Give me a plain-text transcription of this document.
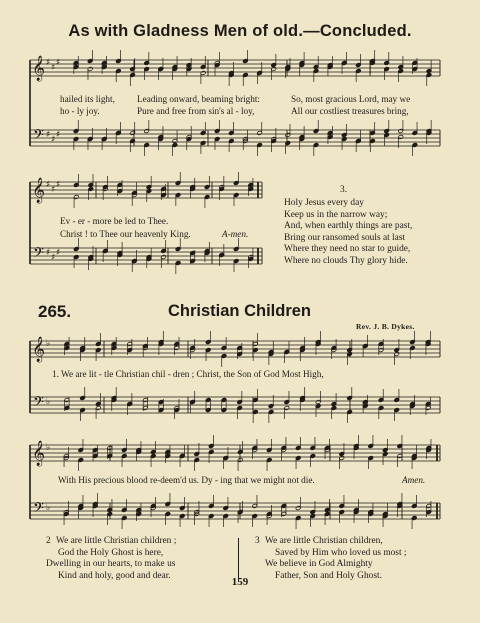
𝄞
𝄢
♯ ♯ ♯
♯ ♯ ♯
𝄞
𝄢
♯ ♯ ♯
♯ ♯ ♯
𝄞
𝄢
♭
♭
𝄞
𝄢
♭
♭
As with Gladness Men of old.—Concluded.
hailed its light, Leading onward, beaming bright:	So, most gracious Lord, may we
ho - ly joy.	Pure and free from sin's al - loy,	All our costliest treasures bring,
Ev - er - more be led to Thee.
Christ ! to Thee our heavenly King.	A-men.
3.
Holy Jesus every day
Keep us in the narrow way;
And, when earthly things are past,
Bring our ransomed souls at last
Where they need no star to guide,
Where no clouds Thy glory hide.
265.	Christian Children
Rev. J. B. Dykes.
1. We are lit - tle Christian chil - dren ; Christ, the Son of God Most High,
With His precious blood re-deem'd us. Dy - ing that we might not die.	Amen.
2 We are little Christian children ;
God the Holy Ghost is here,
Dwelling in our hearts, to make us
Kind and holy, good and dear.
3 We are little Christian children,
Saved by Him who loved us most ;
We believe in God Almighty
Father, Son and Holy Ghost.
159
